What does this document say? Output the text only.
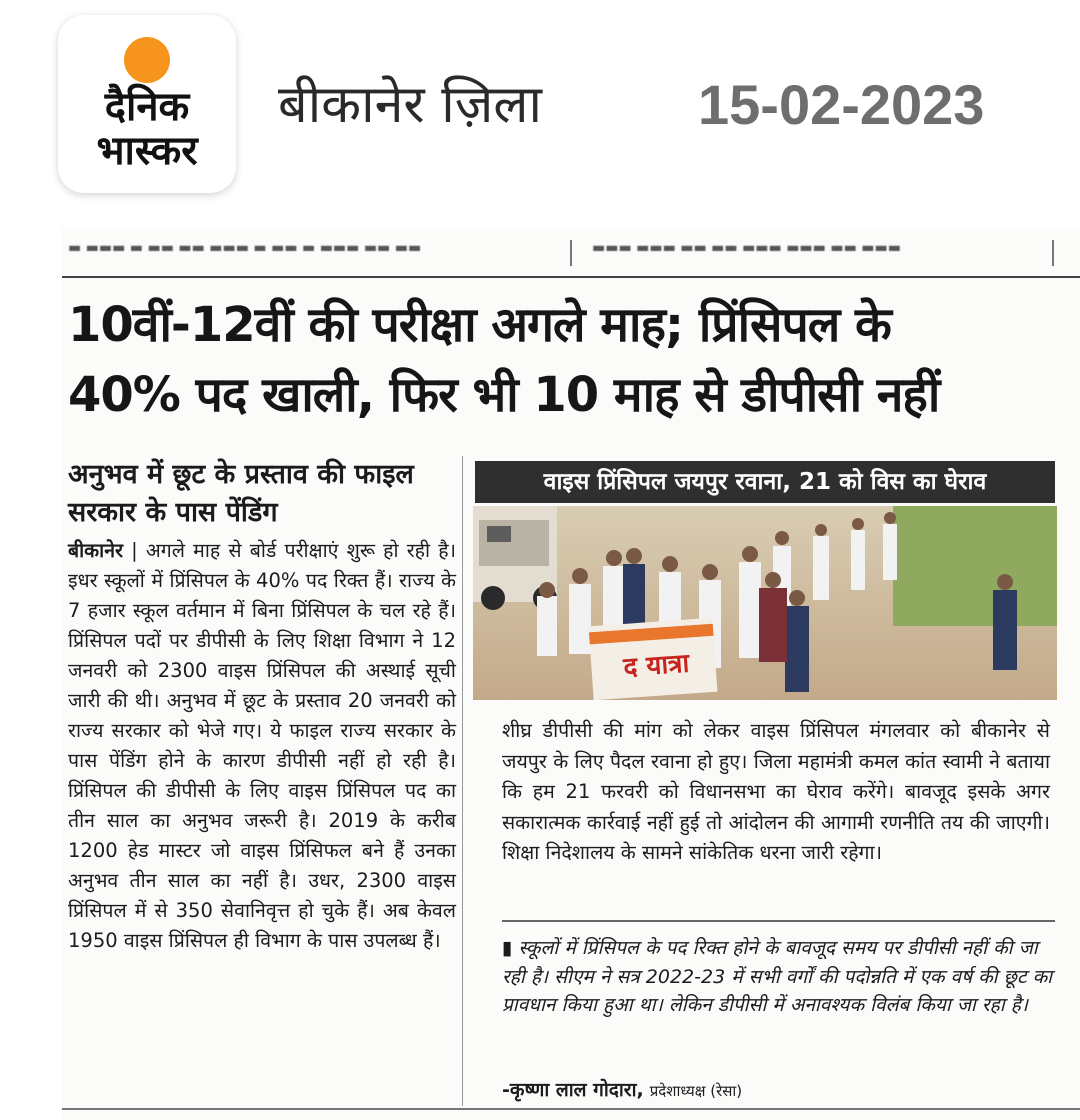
दैनिक
भास्कर
बीकानेर ज़िला	15-02-2023
▬ ▬▬▬ ▬ ▬▬ ▬▬ ▬▬▬ ▬ ▬▬ ▬ ▬▬▬ ▬▬ ▬▬	▬▬▬ ▬▬▬ ▬▬ ▬▬ ▬▬▬ ▬▬▬ ▬▬ ▬▬▬
10वीं-12वीं की परीक्षा अगले माह; प्रिंसिपल के
40% पद खाली, फिर भी 10 माह से डीपीसी नहीं
अनुभव में छूट के प्रस्ताव की फाइल सरकार के पास पेंडिंग
बीकानेर | अगले माह से बोर्ड परीक्षाएं शुरू हो रही है। इधर स्कूलों में प्रिंसिपल के 40% पद रिक्त हैं। राज्य के 7 हजार स्कूल वर्तमान में बिना प्रिंसिपल के चल रहे हैं। प्रिंसिपल पदों पर डीपीसी के लिए शिक्षा विभाग ने 12 जनवरी को 2300 वाइस प्रिंसिपल की अस्थाई सूची जारी की थी। अनुभव में छूट के प्रस्ताव 20 जनवरी को राज्य सरकार को भेजे गए। ये फाइल राज्य सरकार के पास पेंडिंग होने के कारण डीपीसी नहीं हो रही है। प्रिंसिपल की डीपीसी के लिए वाइस प्रिंसिपल पद का तीन साल का अनुभव जरूरी है। 2019 के करीब 1200 हेड मास्टर जो वाइस प्रिंसिफल बने हैं उनका अनुभव तीन साल का नहीं है। उधर, 2300 वाइस प्रिंसिपल में से 350 सेवानिवृत्त हो चुके हैं। अब केवल 1950 वाइस प्रिंसिपल ही विभाग के पास उपलब्ध हैं।
वाइस प्रिंसिपल जयपुर रवाना, 21 को विस का घेराव
द यात्रा
शीघ्र डीपीसी की मांग को लेकर वाइस प्रिंसिपल मंगलवार को बीकानेर से जयपुर के लिए पैदल रवाना हो हुए। जिला महामंत्री कमल कांत स्वामी ने बताया कि हम 21 फरवरी को विधानसभा का घेराव करेंगे। बावजूद इसके अगर सकारात्मक कार्रवाई नहीं हुई तो आंदोलन की आगामी रणनीति तय की जाएगी। शिक्षा निदेशालय के सामने सांकेतिक धरना जारी रहेगा।
▮ स्कूलों में प्रिंसिपल के पद रिक्त होने के बावजूद समय पर डीपीसी नहीं की जा रही है। सीएम ने सत्र 2022-23 में सभी वर्गों की पदोन्नति में एक वर्ष की छूट का प्रावधान किया हुआ था। लेकिन डीपीसी में अनावश्यक विलंब किया जा रहा है।
-कृष्णा लाल गोदारा, प्रदेशाध्यक्ष (रेसा)
